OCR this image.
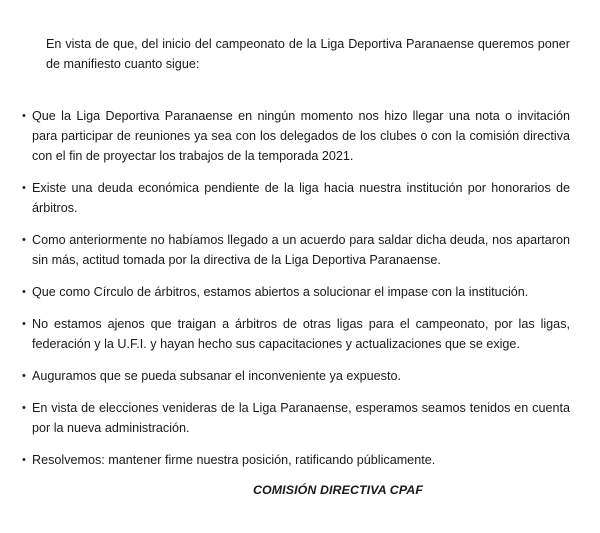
En vista de que, del inicio del campeonato de la Liga Deportiva Paranaense queremos poner de manifiesto cuanto sigue:

• Que la Liga Deportiva Paranaense en ningún momento nos hizo llegar una nota o invitación para participar de reuniones ya sea con los delegados de los clubes o con la comisión directiva con el fin de proyectar los trabajos de la temporada 2021.
• Existe una deuda económica pendiente de la liga hacia nuestra institución por honorarios de árbitros.
• Como anteriormente no habíamos llegado a un acuerdo para saldar dicha deuda, nos apartaron sin más, actitud tomada por la directiva de la Liga Deportiva Paranaense.
• Que como Círculo de árbitros, estamos abiertos a solucionar el impase con la institución.
• No estamos ajenos que traigan a árbitros de otras ligas para el campeonato, por las ligas, federación y la U.F.I. y hayan hecho sus capacitaciones y actualizaciones que se exige.
• Auguramos que se pueda subsanar el inconveniente ya expuesto.
• En vista de elecciones venideras de la Liga Paranaense, esperamos seamos tenidos en cuenta por la nueva administración.
• Resolvemos: mantener firme nuestra posición, ratificando públicamente.
COMISIÓN DIRECTIVA CPAF
